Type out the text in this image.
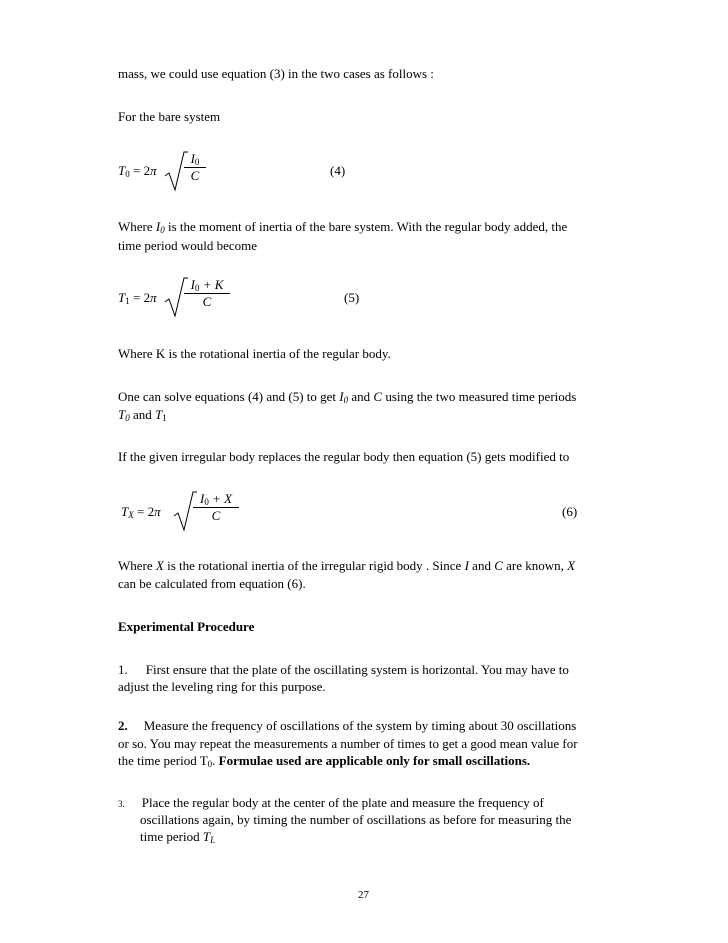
mass, we could use equation (3) in the two cases as follows :

For the bare system

$T_0 = 2\pi \frac{I_0}{C}$	(4)

Where $I_0$ is the moment of inertia of the bare system. With the regular body added, the

time period would become

$T_1 = 2\pi \frac{I_0 + K}{C}$	(5)

Where K is the rotational inertia of the regular body.

One can solve equations (4) and (5) to get $I_0$ and C using the two measured time periods

$T_0$ and $T_1$

If the given irregular body replaces the regular body then equation (5) gets modified to

$T_X = 2\pi \frac{I_0 + X}{C}$	(6)

Where X is the rotational inertia of the irregular rigid body . Since I and C are known, X

can be calculated from equation (6).

Experimental Procedure

1. First ensure that the plate of the oscillating system is horizontal. You may have to

adjust the leveling ring for this purpose.

2. Measure the frequency of oscillations of the system by timing about 30 oscillations

or so. You may repeat the measurements a number of times to get a good mean value for

the time period $T_0$. Formulae used are applicable only for small oscillations.

3. Place the regular body at the center of the plate and measure the frequency of

oscillations again, by timing the number of oscillations as before for measuring the

time period $T_{I.}$

27
